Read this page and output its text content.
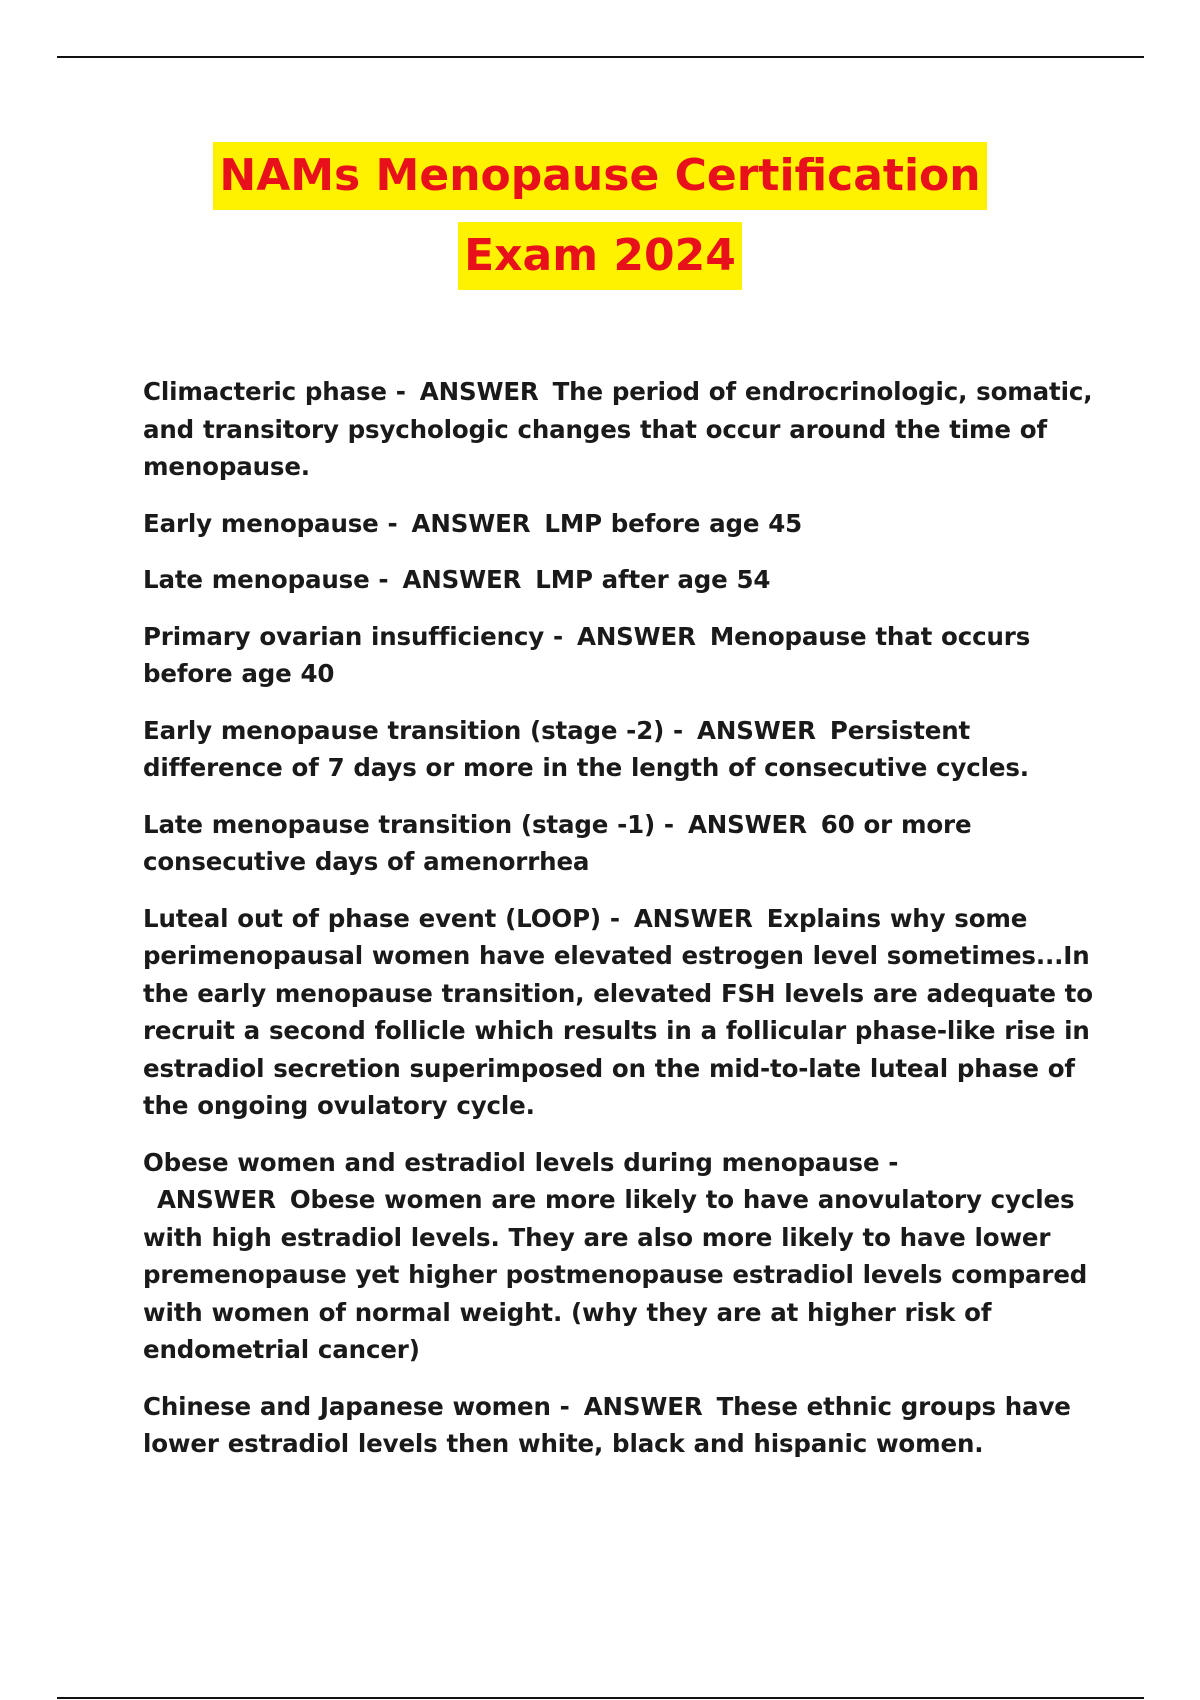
NAMs Menopause Certification
Exam 2024

Climacteric phase - ANSWER The period of endrocrinologic, somatic, and transitory psychologic changes that occur around the time of menopause.

Early menopause - ANSWER LMP before age 45

Late menopause - ANSWER LMP after age 54

Primary ovarian insufficiency - ANSWER Menopause that occurs before age 40

Early menopause transition (stage -2) - ANSWER Persistent difference of 7 days or more in the length of consecutive cycles.

Late menopause transition (stage -1) - ANSWER 60 or more consecutive days of amenorrhea

Luteal out of phase event (LOOP) - ANSWER Explains why some perimenopausal women have elevated estrogen level sometimes...In the early menopause transition, elevated FSH levels are adequate to recruit a second follicle which results in a follicular phase-like rise in estradiol secretion superimposed on the mid-to-late luteal phase of the ongoing ovulatory cycle.

Obese women and estradiol levels during menopause -ANSWER Obese women are more likely to have anovulatory cycles with high estradiol levels. They are also more likely to have lower premenopause yet higher postmenopause estradiol levels compared with women of normal weight. (why they are at higher risk of endometrial cancer)

Chinese and Japanese women - ANSWER These ethnic groups have lower estradiol levels then white, black and hispanic women.
